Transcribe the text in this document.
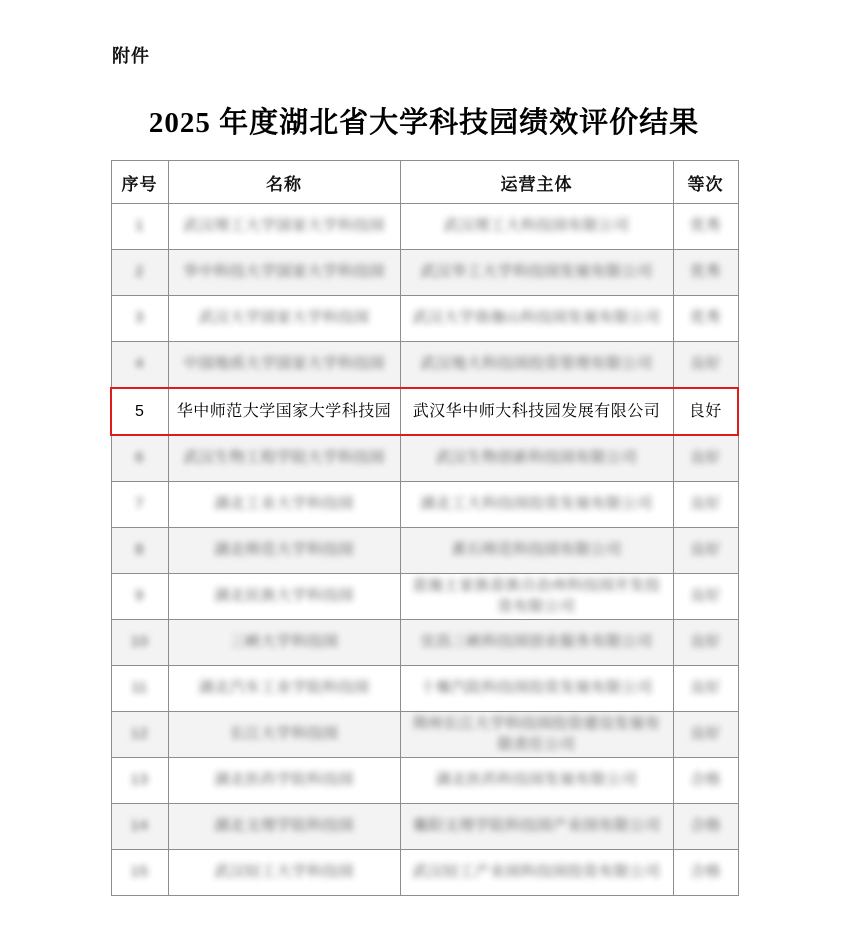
附件
2025 年度湖北省大学科技园绩效评价结果
序号	名称	运营主体	等次

1	武汉理工大学国家大学科技园	武汉理工大科技园有限公司	优秀

2	华中科技大学国家大学科技园	武汉华工大学科技园发展有限公司	优秀

3	武汉大学国家大学科技园	武汉大学珞珈山科技园发展有限公司	优秀

4	中国地质大学国家大学科技园	武汉地大科技园投资管理有限公司	良好

5	华中师范大学国家大学科技园	武汉华中师大科技园发展有限公司	良好

6	武汉生物工程学院大学科技园	武汉生物创新科技园有限公司	良好

7	湖北工业大学科技园	湖北工大科技园投资发展有限公司	良好

8	湖北师范大学科技园	黄石师范科技园有限公司	良好

9	湖北民族大学科技园	恩施土家族苗族自治州科技园开发投资有限公司	良好

10	三峡大学科技园	宜昌三峡科技园创业服务有限公司	良好

11	湖北汽车工业学院科技园	十堰汽院科技园投资发展有限公司	良好

12	长江大学科技园	荆州长江大学科技园投资建设发展有限责任公司	良好

13	湖北医药学院科技园	湖北医药科技园发展有限公司	合格

14	湖北文理学院科技园	襄阳文理学院科技园产业园有限公司	合格

15	武汉轻工大学科技园	武汉轻工产业园科技园投资有限公司	合格
